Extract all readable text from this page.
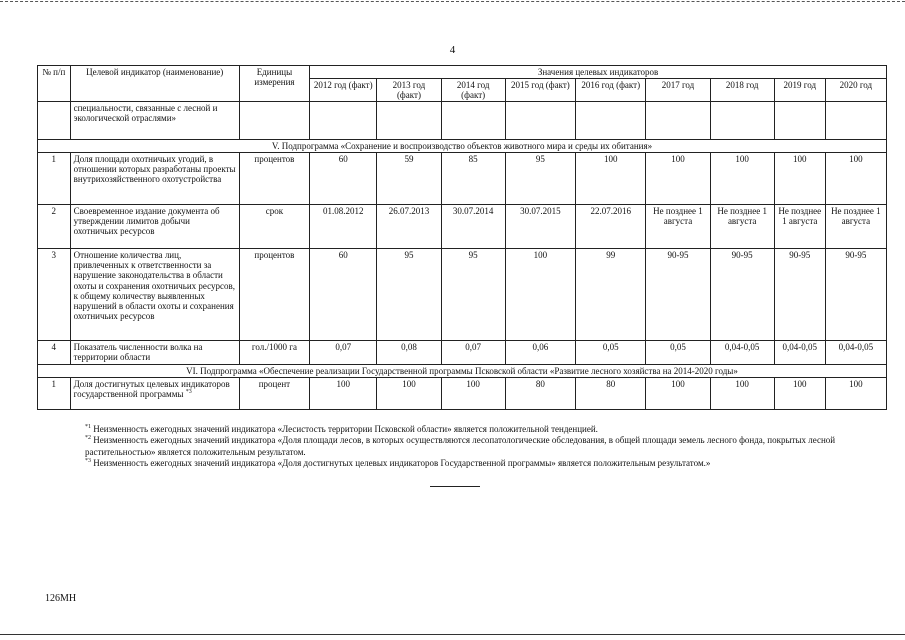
4
№ п/п	Целевой индикатор (наименование)	Единицы измерения	Значения целевых индикаторов								
			2012 год (факт)	2013 год (факт)	2014 год (факт)	2015 год (факт)	2016 год (факт)	2017 год	2018 год	2019 год	2020 год
	специальности, связанные с лесной и экологической отраслями»										
V. Подпрограмма «Сохранение и воспроизводство объектов животного мира и среды их обитания»											
1	Доля площади охотничьих угодий, в отношении которых разработаны проекты внутрихозяйственного охотустройства	процентов	60	59	85	95	100	100	100	100	100
2	Своевременное издание документа об утверждении лимитов добычи охотничьих ресурсов	срок	01.08.2012	26.07.2013	30.07.2014	30.07.2015	22.07.2016	Не позднее 1 августа	Не позднее 1 августа	Не позднее 1 августа	Не позднее 1 августа
3	Отношение количества лиц, привлеченных к ответственности за нарушение законодательства в области охоты и сохранения охотничьих ресурсов, к общему количеству выявленных нарушений в области охоты и сохранения охотничьих ресурсов	процентов	60	95	95	100	99	90-95	90-95	90-95	90-95
4	Показатель численности волка на территории области	гол./1000 га	0,07	0,08	0,07	0,06	0,05	0,05	0,04-0,05	0,04-0,05	0,04-0,05
VI. Подпрограмма «Обеспечение реализации Государственной программы Псковской области «Развитие лесного хозяйства на 2014-2020 годы»											
1	Доля достигнутых целевых индикаторов государственной программы $^{*3}$	процент	100	100	100	80	80	100	100	100	100

$^{*1}$ Неизменность ежегодных значений индикатора «Лесистость территории Псковской области» является положительной тенденцией.

$^{*2}$ Неизменность ежегодных значений индикатора «Доля площади лесов, в которых осуществляются лесопатологические обследования, в общей площади земель лесного фонда, покрытых лесной растительностью» является положительным результатом.

$^{*3}$ Неизменность ежегодных значений индикатора «Доля достигнутых целевых индикаторов Государственной программы» является положительным результатом.»

126МН
